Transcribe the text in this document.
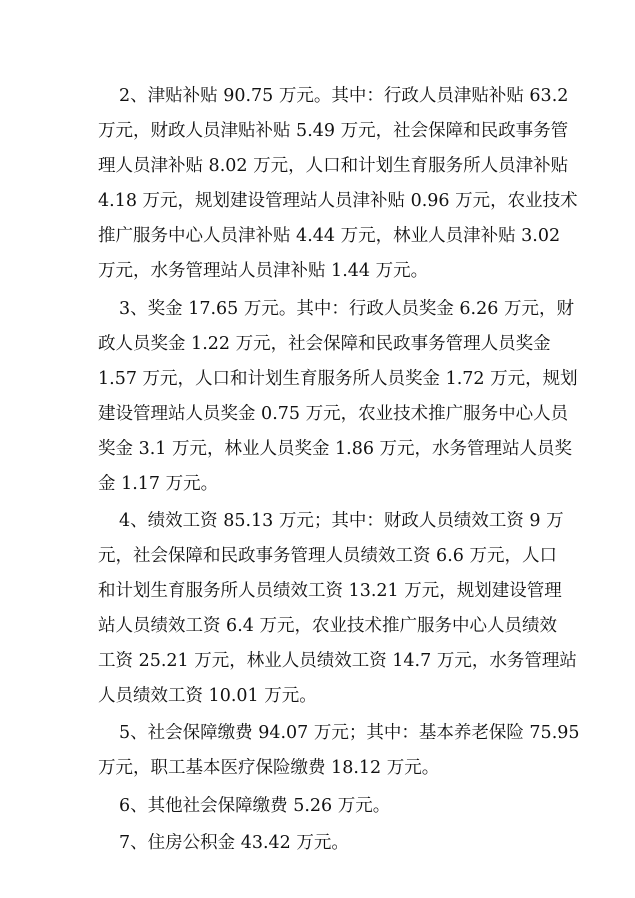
2、津贴补贴 90.75 万元。其中：行政人员津贴补贴 63.2
万元，财政人员津贴补贴 5.49 万元，社会保障和民政事务管
理人员津补贴 8.02 万元，人口和计划生育服务所人员津补贴
4.18 万元，规划建设管理站人员津补贴 0.96 万元，农业技术
推广服务中心人员津补贴 4.44 万元，林业人员津补贴 3.02
万元，水务管理站人员津补贴 1.44 万元。
3、奖金 17.65 万元。其中：行政人员奖金 6.26 万元，财
政人员奖金 1.22 万元，社会保障和民政事务管理人员奖金
1.57 万元，人口和计划生育服务所人员奖金 1.72 万元，规划
建设管理站人员奖金 0.75 万元，农业技术推广服务中心人员
奖金 3.1 万元，林业人员奖金 1.86 万元，水务管理站人员奖
金 1.17 万元。
4、绩效工资 85.13 万元；其中：财政人员绩效工资 9 万
元，社会保障和民政事务管理人员绩效工资 6.6 万元，人口
和计划生育服务所人员绩效工资 13.21 万元，规划建设管理
站人员绩效工资 6.4 万元，农业技术推广服务中心人员绩效
工资 25.21 万元，林业人员绩效工资 14.7 万元，水务管理站
人员绩效工资 10.01 万元。
5、社会保障缴费 94.07 万元；其中：基本养老保险 75.95
万元，职工基本医疗保险缴费 18.12 万元。
6、其他社会保障缴费 5.26 万元。
7、住房公积金 43.42 万元。
